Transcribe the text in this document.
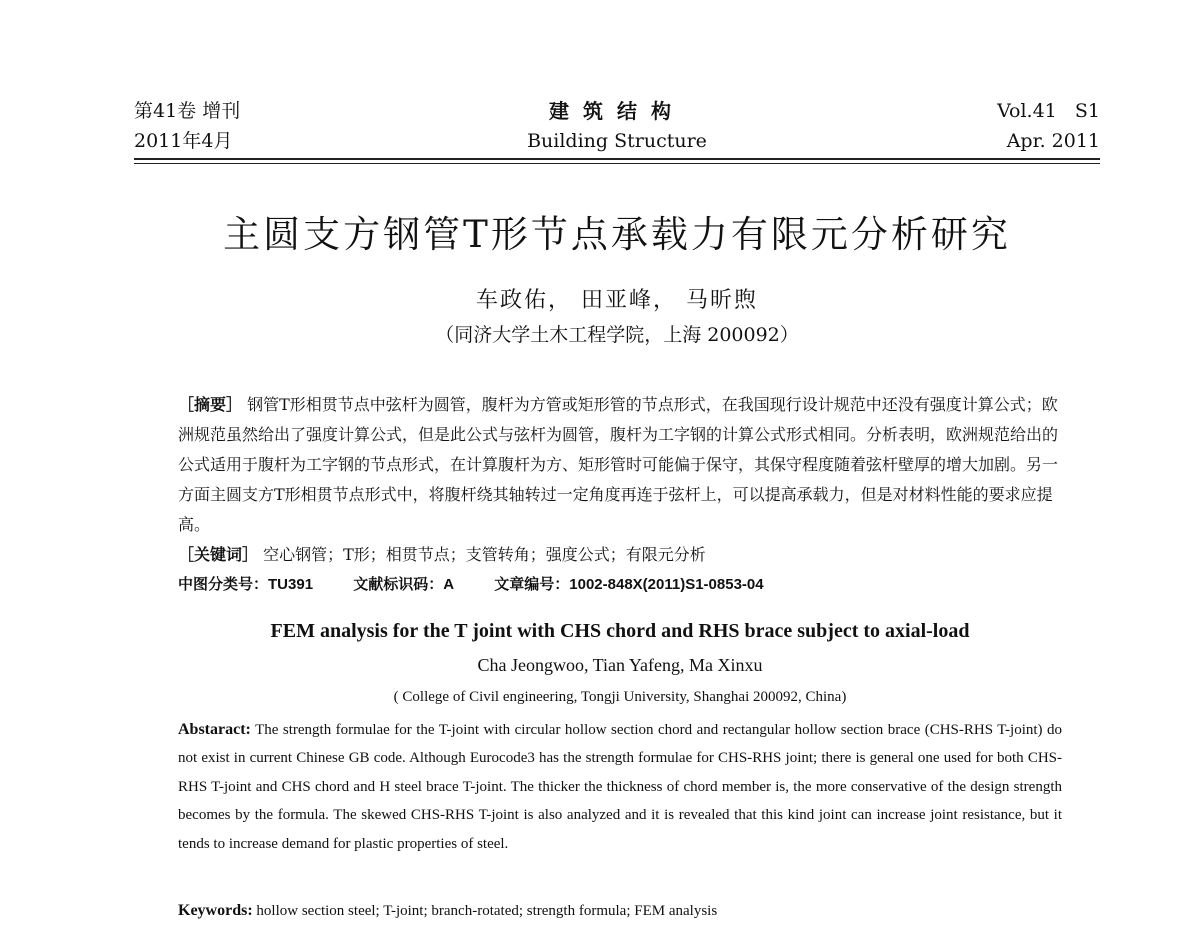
第41卷 增刊
2011年4月
建筑结构
Building Structure
Vol.41   S1
Apr. 2011
主圆支方钢管T形节点承载力有限元分析研究
车政佑， 田亚峰， 马昕煦
（同济大学土木工程学院，上海 200092）
［摘要］ 钢管T形相贯节点中弦杆为圆管，腹杆为方管或矩形管的节点形式，在我国现行设计规范中还没有强度计算公式；欧洲规范虽然给出了强度计算公式，但是此公式与弦杆为圆管，腹杆为工字钢的计算公式形式相同。分析表明，欧洲规范给出的公式适用于腹杆为工字钢的节点形式，在计算腹杆为方、矩形管时可能偏于保守，其保守程度随着弦杆壁厚的增大加剧。另一方面主圆支方T形相贯节点形式中，将腹杆绕其轴转过一定角度再连于弦杆上，可以提高承载力，但是对材料性能的要求应提高。
［关键词］ 空心钢管；T形；相贯节点；支管转角；强度公式；有限元分析
中图分类号：TU391	文献标识码：A	文章编号：1002-848X(2011)S1-0853-04
FEM analysis for the T joint with CHS chord and RHS brace subject to axial-load
Cha Jeongwoo, Tian Yafeng, Ma Xinxu
( College of Civil engineering, Tongji University, Shanghai 200092, China)
Abstaract: The strength formulae for the T-joint with circular hollow section chord and rectangular hollow section brace (CHS-RHS T-joint) do not exist in current Chinese GB code. Although Eurocode3 has the strength formulae for CHS-RHS joint; there is general one used for both CHS-RHS T-joint and CHS chord and H steel brace T-joint. The thicker the thickness of chord member is, the more conservative of the design strength becomes by the formula. The skewed CHS-RHS T-joint is also analyzed and it is revealed that this kind joint can increase joint resistance, but it tends to increase demand for plastic properties of steel.
Keywords: hollow section steel; T-joint; branch-rotated; strength formula; FEM analysis
